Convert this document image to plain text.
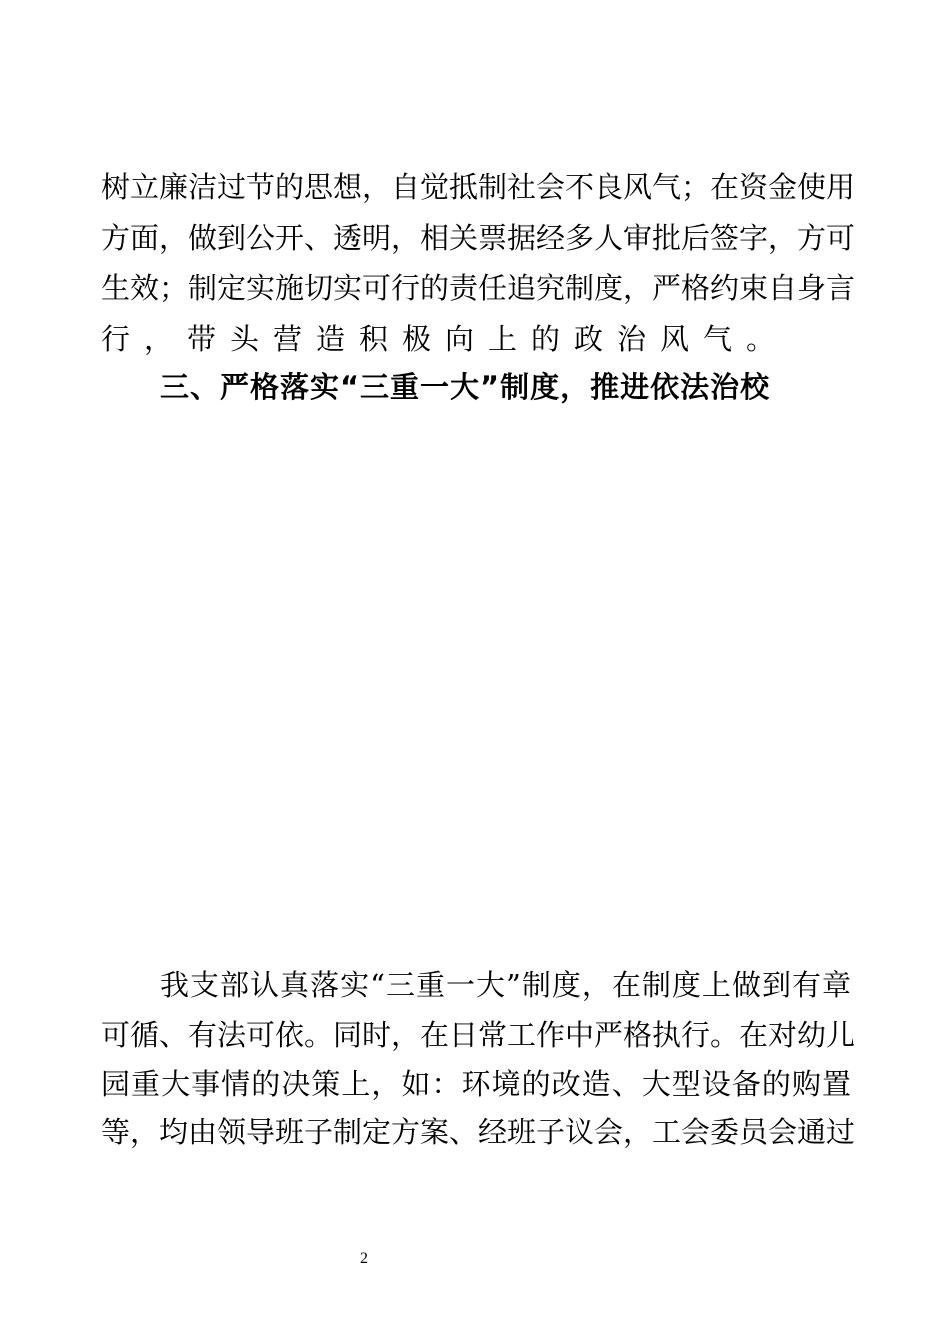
树立廉洁过节的思想，自觉抵制社会不良风气；在资金使用
方面，做到公开、透明，相关票据经多人审批后签字，方可
生效；制定实施切实可行的责任追究制度，严格约束自身言
行，带头营造积极向上的政治风气。
三、严格落实“三重一大”制度，推进依法治校
我支部认真落实“三重一大”制度，在制度上做到有章
可循、有法可依。同时，在日常工作中严格执行。在对幼儿
园重大事情的决策上，如：环境的改造、大型设备的购置
等，均由领导班子制定方案、经班子议会，工会委员会通过
2
